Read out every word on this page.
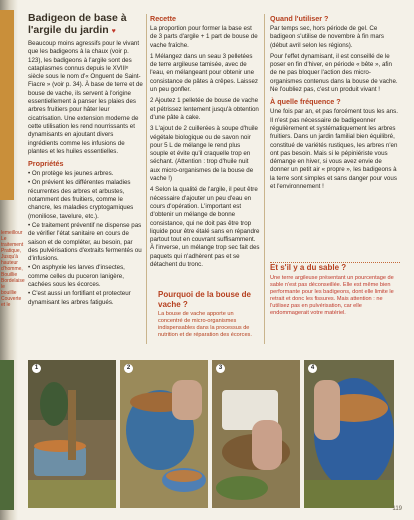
lemeillour
Le traitement Pratique, Jusqu'à hauteur d'homme, Bouillie Bordelaise le bouillie Couverte et le
Badigeon de base à l'argile du jardin ♥

Beaucoup moins agressifs pour le vivant que les badigeons à la chaux (voir p. 123), les badigeons à l'argile sont des cataplasmes connus depuis le XVIIIᵉ siècle sous le nom d'« Onguent de Saint-Fiacre » (voir p. 34). À base de terre et de bouse de vache, ils servent à l'origine essentiellement à panser les plaies des arbres fruitiers pour hâter leur cicatrisation. Une extension moderne de cette utilisation les rend nourrissants et dynamisants en ajoutant divers ingrédients comme les infusions de plantes et les huiles essentielles.

Propriétés
• On protège les jeunes arbres.
• On prévient les différentes maladies récurrentes des arbres et arbustes, notamment des fruitiers, comme le chancre, les maladies cryptogamiques (moniliose, tavelure, etc.).
• Ce traitement préventif ne dispense pas de vérifier l'état sanitaire en cours de saison et de compléter, au besoin, par des pulvérisations d'extraits fermentés ou d'infusions.
• On asphyxie les larves d'insectes, comme celles du puceron lanigère, cachées sous les écorces.
• C'est aussi un fortifiant et protecteur dynamisant les arbres fatigués.
Recette

La proportion pour former la base est de 3 parts d'argile + 1 part de bouse de vache fraîche.

1 Mélangez dans un seau 3 pelletées de terre argileuse tamisée, avec de l'eau, en mélangeant pour obtenir une consistance de pâtes à crêpes. Laissez un peu gonfler.

2 Ajoutez 1 pelletée de bouse de vache et pétrissez lentement jusqu'à obtention d'une pâte à cake.

3 L'ajout de 2 cuillerées à soupe d'huile végétale biologique ou de savon noir pour 5 L de mélange le rend plus souple et évite qu'il craquelle trop en séchant. (Attention : trop d'huile nuit aux micro-organismes de la bouse de vache !)

4 Selon la qualité de l'argile, il peut être nécessaire d'ajouter un peu d'eau en cours d'opération. L'important est d'obtenir un mélange de bonne consistance, qui ne doit pas être trop liquide pour être étalé sans en répandre partout tout en couvrant suffisamment. À l'inverse, un mélange trop sec fait des paquets qui n'adhèrent pas et se détachent du tronc.

Pourquoi de la bouse de vache ?
La bouse de vache apporte un concentré de micro-organismes indispensables dans la processus de nutrition et de réparation des écorces.
Quand l'utiliser ?

Par temps sec, hors période de gel. Ce badigeon s'utilise de novembre à fin mars (début avril selon les régions).

Pour l'effet dynamisant, il est conseillé de le poser en fin d'hiver, en période « bête », afin de ne pas bloquer l'action des micro-organismes contenus dans la bouse de vache. Ne l'oubliez pas, c'est un produit vivant !

À quelle fréquence ?

Une fois par an, et pas forcément tous les ans. Il n'est pas nécessaire de badigeonner régulièrement et systématiquement les arbres fruitiers. Dans un jardin familial bien équilibré, constitué de variétés rustiques, les arbres n'en ont pas besoin. Mais si le pépiniériste vous démange en hiver, si vous avez envie de donner un petit air « propre », les badigeons à la terre sont simples et sans danger pour vous et l'environnement !

Et s'il y a du sable ?
Une terre argileuse présentant un pourcentage de sable n'est pas déconseillée. Elle est même bien performante pour les badigeons, dont elle limite le retrait et donc les fissures. Mais attention : ne l'utilisez pas en pulvérisation, car elle endommagerait votre matériel.
1	2	3	4
119
